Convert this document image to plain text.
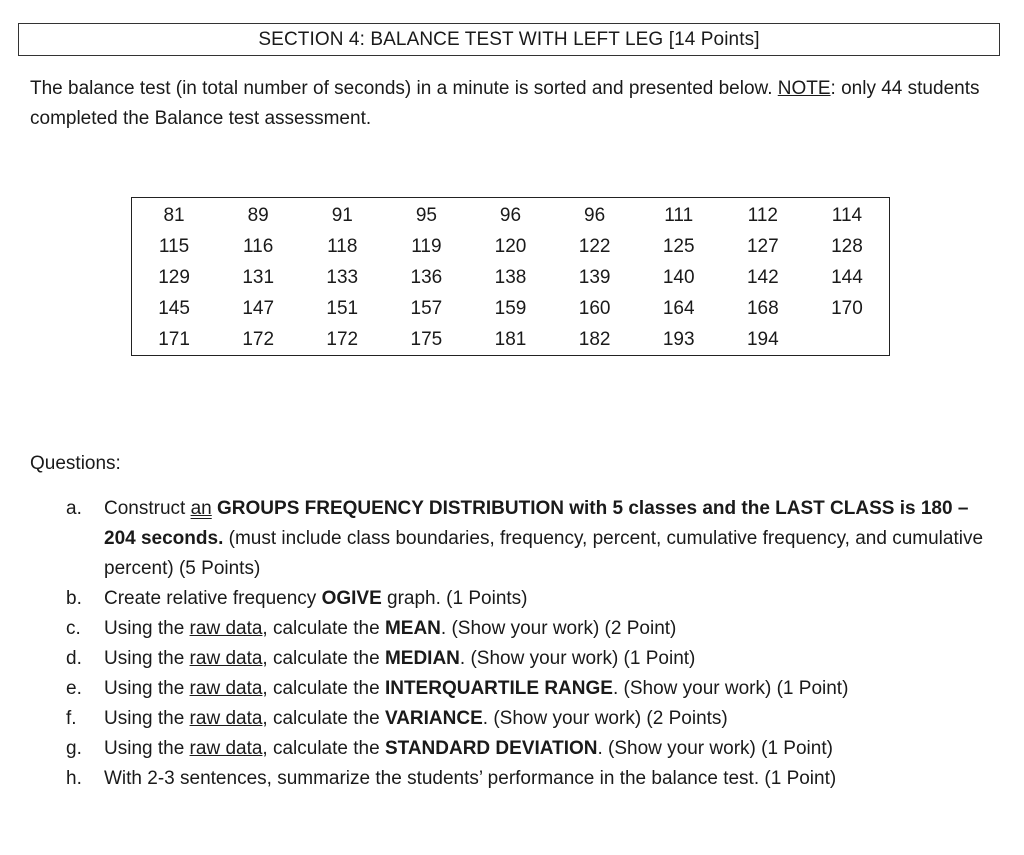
SECTION 4: BALANCE TEST WITH LEFT LEG [14 Points]

The balance test (in total number of seconds) in a minute is sorted and presented below. NOTE: only 44 students completed the Balance test assessment.

81	89	91	95	96	96	111	112	114
115	116	118	119	120	122	125	127	128
129	131	133	136	138	139	140	142	144
145	147	151	157	159	160	164	168	170
171	172	172	175	181	182	193	194	
Questions:
a. Construct an GROUPS FREQUENCY DISTRIBUTION with 5 classes and the LAST CLASS is 180 – 204 seconds. (must include class boundaries, frequency, percent, cumulative frequency, and cumulative percent) (5 Points)
b. Create relative frequency OGIVE graph. (1 Points)
c. Using the raw data, calculate the MEAN. (Show your work) (2 Point)
d. Using the raw data, calculate the MEDIAN. (Show your work) (1 Point)
e. Using the raw data, calculate the INTERQUARTILE RANGE. (Show your work) (1 Point)
f. Using the raw data, calculate the VARIANCE. (Show your work) (2 Points)
g. Using the raw data, calculate the STANDARD DEVIATION. (Show your work) (1 Point)
h. With 2-3 sentences, summarize the students’ performance in the balance test. (1 Point)
